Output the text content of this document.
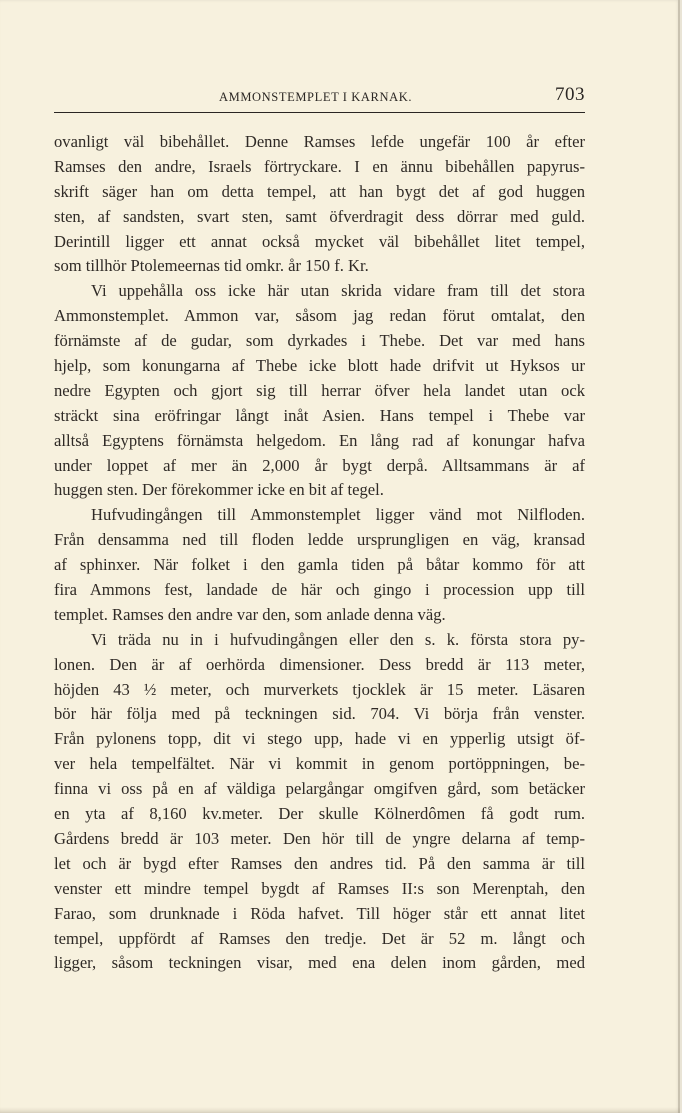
AMMONSTEMPLET I KARNAK.	703
ovanligt väl bibehållet. Denne Ramses lefde ungefär 100 år efter
Ramses den andre, Israels förtryckare. I en ännu bibehållen papyrus-
skrift säger han om detta tempel, att han bygt det af god huggen
sten, af sandsten, svart sten, samt öfverdragit dess dörrar med guld.
Derintill ligger ett annat också mycket väl bibehållet litet tempel,
som tillhör Ptolemeernas tid omkr. år 150 f. Kr.
Vi uppehålla oss icke här utan skrida vidare fram till det stora
Ammonstemplet. Ammon var, såsom jag redan förut omtalat, den
förnämste af de gudar, som dyrkades i Thebe. Det var med hans
hjelp, som konungarna af Thebe icke blott hade drifvit ut Hyksos ur
nedre Egypten och gjort sig till herrar öfver hela landet utan ock
sträckt sina eröfringar långt inåt Asien. Hans tempel i Thebe var
alltså Egyptens förnämsta helgedom. En lång rad af konungar hafva
under loppet af mer än 2,000 år bygt derpå. Alltsammans är af
huggen sten. Der förekommer icke en bit af tegel.
Hufvudingången till Ammonstemplet ligger vänd mot Nilfloden.
Från densamma ned till floden ledde ursprungligen en väg, kransad
af sphinxer. När folket i den gamla tiden på båtar kommo för att
fira Ammons fest, landade de här och gingo i procession upp till
templet. Ramses den andre var den, som anlade denna väg.
Vi träda nu in i hufvudingången eller den s. k. första stora py-
lonen. Den är af oerhörda dimensioner. Dess bredd är 113 meter,
höjden 43 ½ meter, och murverkets tjocklek är 15 meter. Läsaren
bör här följa med på teckningen sid. 704. Vi börja från venster.
Från pylonens topp, dit vi stego upp, hade vi en ypperlig utsigt öf-
ver hela tempelfältet. När vi kommit in genom portöppningen, be-
finna vi oss på en af väldiga pelargångar omgifven gård, som betäcker
en yta af 8,160 kv.meter. Der skulle Kölnerdômen få godt rum.
Gårdens bredd är 103 meter. Den hör till de yngre delarna af temp-
let och är bygd efter Ramses den andres tid. På den samma är till
venster ett mindre tempel bygdt af Ramses II:s son Merenptah, den
Farao, som drunknade i Röda hafvet. Till höger står ett annat litet
tempel, uppfördt af Ramses den tredje. Det är 52 m. långt och
ligger, såsom teckningen visar, med ena delen inom gården, med
